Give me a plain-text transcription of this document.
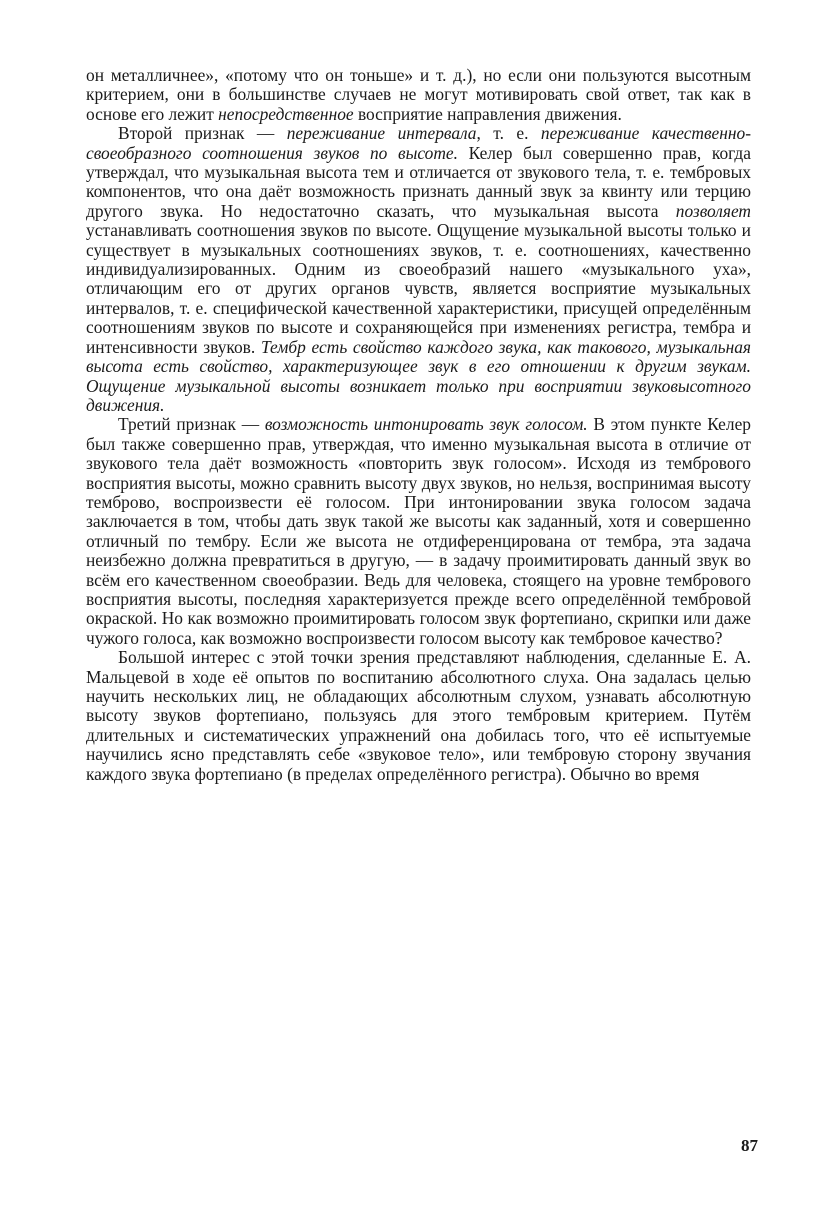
он металличнее», «потому что он тоньше» и т. д.), но если они пользуются высотным критерием, они в большинстве случаев не могут мотивировать свой ответ, так как в основе его лежит непосредственное восприятие направления движения.

Второй признак — переживание интервала, т. е. переживание качественно-своеобразного соотношения звуков по высоте. Келер был совершенно прав, когда утверждал, что музыкальная высота тем и отличается от звукового тела, т. е. тембровых компонентов, что она даёт возможность признать данный звук за квинту или терцию другого звука. Но недостаточно сказать, что музыкальная высота позволяет устанавливать соотношения звуков по высоте. Ощущение музыкальной высоты только и существует в музыкальных соотношениях звуков, т. е. соотношениях, качественно индивидуализированных. Одним из своеобразий нашего «музыкального уха», отличающим его от других органов чувств, является восприятие музыкальных интервалов, т. е. специфической качественной характеристики, присущей определённым соотношениям звуков по высоте и сохраняющейся при изменениях регистра, тембра и интенсивности звуков. Тембр есть свойство каждого звука, как такового, музыкальная высота есть свойство, характеризующее звук в его отношении к другим звукам. Ощущение музыкальной высоты возникает только при восприятии звуковысотного движения.

Третий признак — возможность интонировать звук голосом. В этом пункте Келер был также совершенно прав, утверждая, что именно музыкальная высота в отличие от звукового тела даёт возможность «повторить звук голосом». Исходя из тембрового восприятия высоты, можно сравнить высоту двух звуков, но нельзя, воспринимая высоту темброво, воспроизвести её голосом. При интонировании звука голосом задача заключается в том, чтобы дать звук такой же высоты как заданный, хотя и совершенно отличный по тембру. Если же высота не отдиференцирована от тембра, эта задача неизбежно должна превратиться в другую, — в задачу проимитировать данный звук во всём его качественном своеобразии. Ведь для человека, стоящего на уровне тембрового восприятия высоты, последняя характеризуется прежде всего определённой тембровой окраской. Но как возможно проимитировать голосом звук фортепиано, скрипки или даже чужого голоса, как возможно воспроизвести голосом высоту как тембровое качество?

Большой интерес с этой точки зрения представляют наблюдения, сделанные Е. А. Мальцевой в ходе её опытов по воспитанию абсолютного слуха. Она задалась целью научить нескольких лиц, не обладающих абсолютным слухом, узнавать абсолютную высоту звуков фортепиано, пользуясь для этого тембровым критерием. Путём длительных и систематических упражнений она добилась того, что её испытуемые научились ясно представлять себе «звуковое тело», или тембровую сторону звучания каждого звука фортепиано (в пределах определённого регистра). Обычно во время

87
